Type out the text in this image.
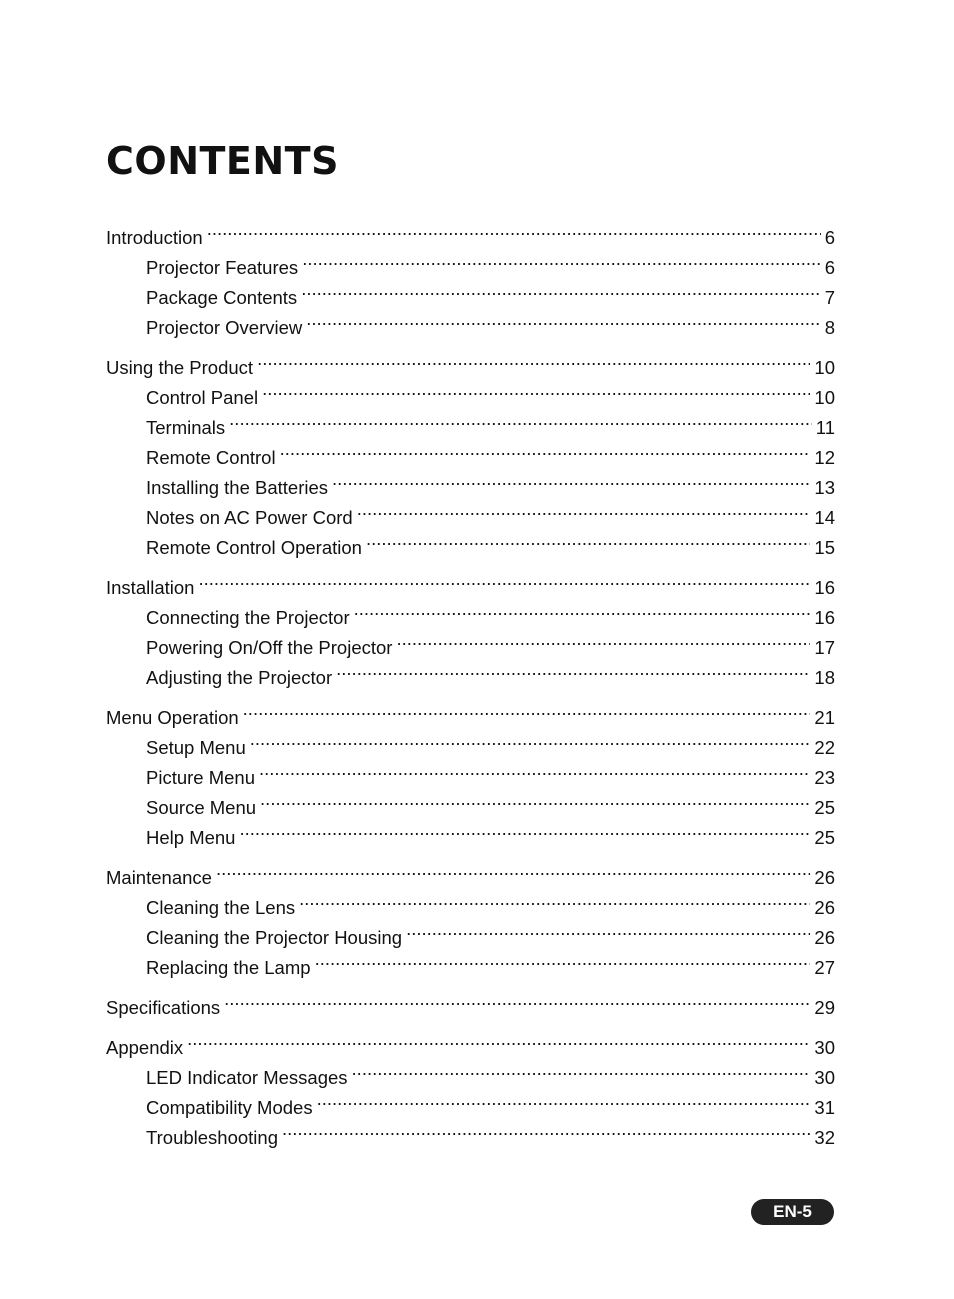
CONTENTS
Introduction .....	6
Projector Features .....	6
Package Contents .....	7
Projector Overview .....	8
Using the Product .....	10
Control Panel .....	10
Terminals .....	11
Remote Control .....	12
Installing the Batteries .....	13
Notes on AC Power Cord .....	14
Remote Control Operation .....	15
Installation .....	16
Connecting the Projector .....	16
Powering On/Off the Projector .....	17
Adjusting the Projector .....	18
Menu Operation .....	21
Setup Menu .....	22
Picture Menu .....	23
Source Menu .....	25
Help Menu .....	25
Maintenance .....	26
Cleaning the Lens .....	26
Cleaning the Projector Housing .....	26
Replacing the Lamp .....	27
Specifications .....	29
Appendix .....	30
LED Indicator Messages .....	30
Compatibility Modes .....	31
Troubleshooting .....	32
EN-5
